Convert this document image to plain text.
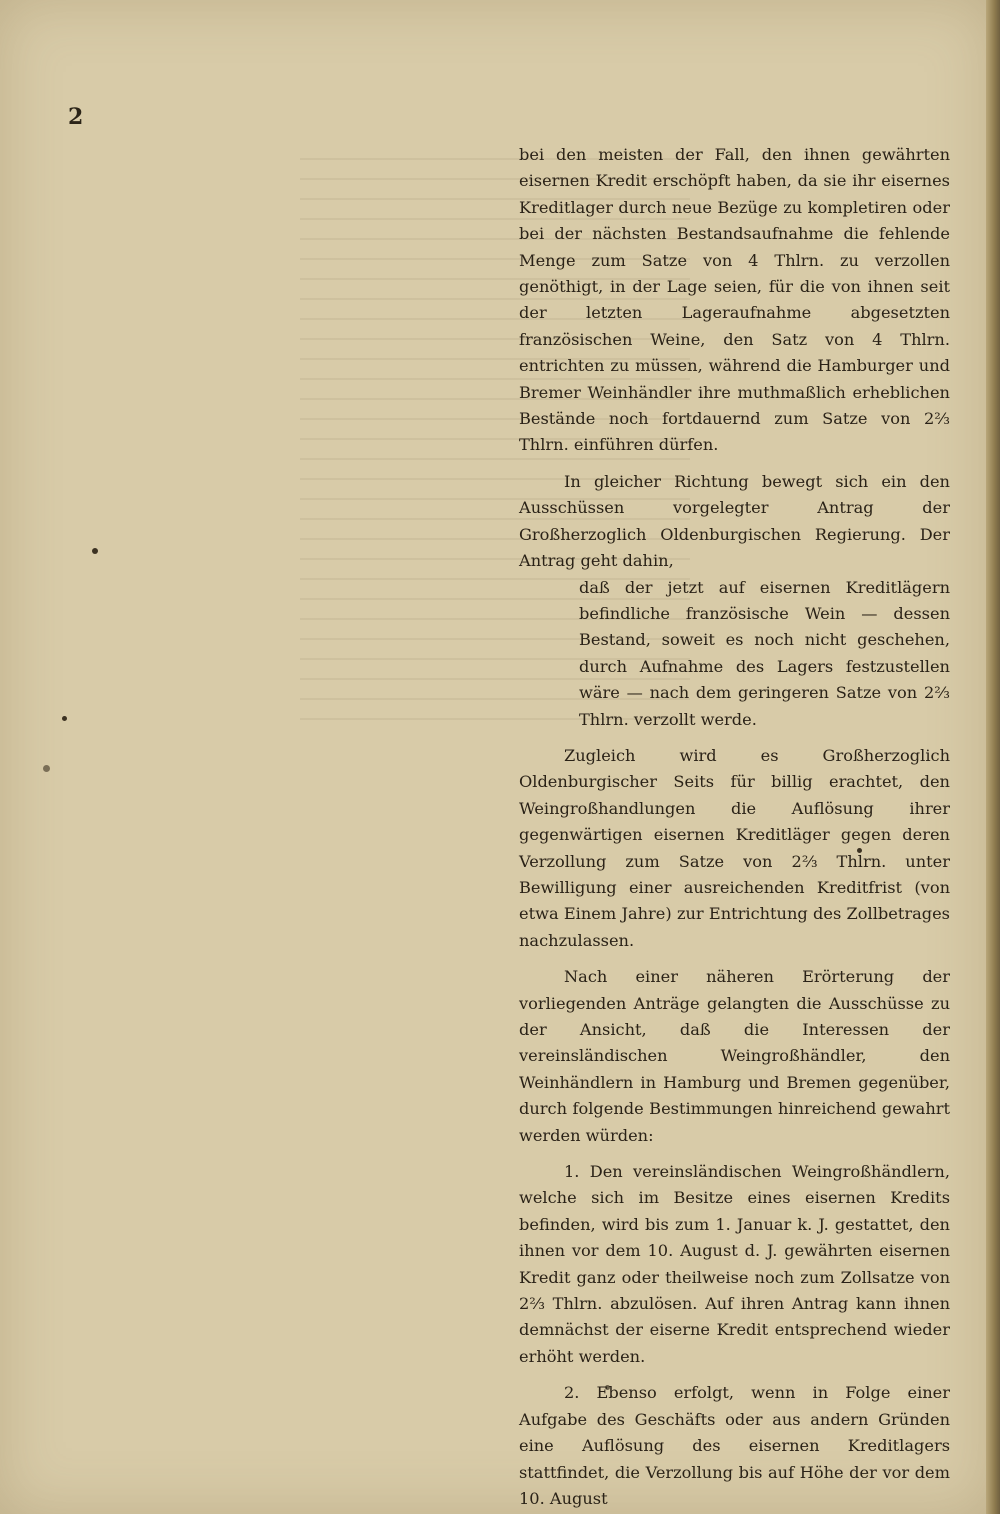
2

bei den meisten der Fall, den ihnen gewährten eisernen Kredit erschöpft haben, da sie ihr eisernes Kreditlager durch neue Bezüge zu kompletiren oder bei der nächsten Bestandsaufnahme die fehlende Menge zum Satze von 4 Thlrn. zu verzollen genöthigt, in der Lage seien, für die von ihnen seit der letzten Lageraufnahme abgesetzten französischen Weine, den Satz von 4 Thlrn. entrichten zu müssen, während die Hamburger und Bremer Weinhändler ihre muthmaßlich erheblichen Bestände noch fortdauernd zum Satze von 2⅔ Thlrn. einführen dürfen.

In gleicher Richtung bewegt sich ein den Ausschüssen vorgelegter Antrag der Großherzoglich Oldenburgischen Regierung. Der Antrag geht dahin,

daß der jetzt auf eisernen Kreditlägern befindliche französische Wein — dessen Bestand, soweit es noch nicht geschehen, durch Aufnahme des Lagers festzustellen wäre — nach dem geringeren Satze von 2⅔ Thlrn. verzollt werde.

Zugleich wird es Großherzoglich Oldenburgischer Seits für billig erachtet, den Weingroßhandlungen die Auflösung ihrer gegenwärtigen eisernen Kreditläger gegen deren Verzollung zum Satze von 2⅔ Thlrn. unter Bewilligung einer ausreichenden Kreditfrist (von etwa Einem Jahre) zur Entrichtung des Zollbetrages nachzulassen.

Nach einer näheren Erörterung der vorliegenden Anträge gelangten die Ausschüsse zu der Ansicht, daß die Interessen der vereinsländischen Weingroßhändler, den Weinhändlern in Hamburg und Bremen gegenüber, durch folgende Bestimmungen hinreichend gewahrt werden würden:

1. Den vereinsländischen Weingroßhändlern, welche sich im Besitze eines eisernen Kredits befinden, wird bis zum 1. Januar k. J. gestattet, den ihnen vor dem 10. August d. J. gewährten eisernen Kredit ganz oder theilweise noch zum Zollsatze von 2⅔ Thlrn. abzulösen. Auf ihren Antrag kann ihnen demnächst der eiserne Kredit entsprechend wieder erhöht werden.

2. Ebenso erfolgt, wenn in Folge einer Aufgabe des Geschäfts oder aus andern Gründen eine Auflösung des eisernen Kreditlagers stattfindet, die Verzollung bis auf Höhe der vor dem 10. August
